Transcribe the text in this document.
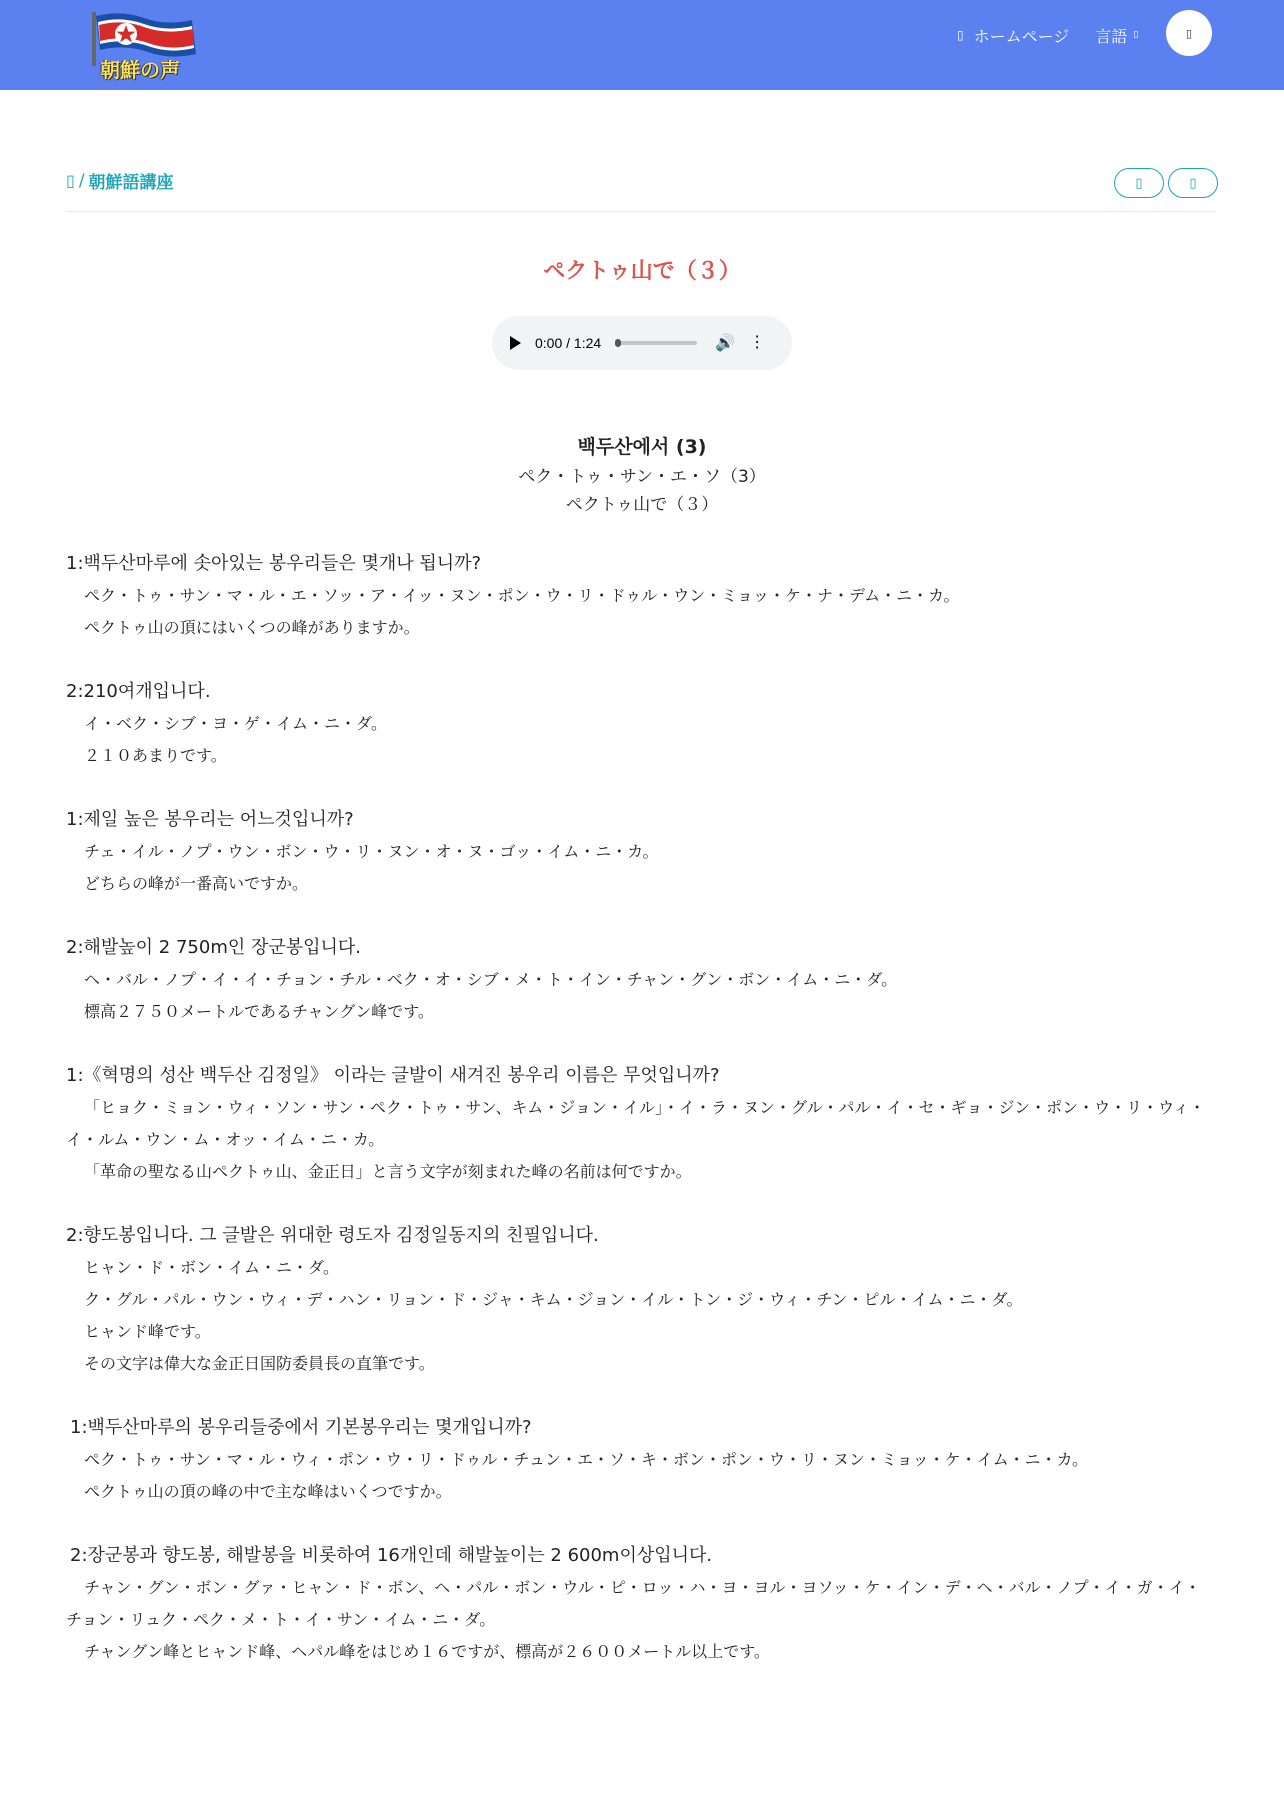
朝鮮の声
▯ ホームページ 言語 ▯	▯
▯ / 朝鮮語講座	▯	▯
ペクトゥ山で（３）
0:00 / 1:24	🔊 ⋮
백두산에서 (3)
ペク・トゥ・サン・エ・ソ（3）
ペクトゥ山で（３）
1:백두산마루에 솟아있는 봉우리들은 몇개나 됩니까?
ペク・トゥ・サン・マ・ル・エ・ソッ・ア・イッ・ヌン・ポン・ウ・リ・ドゥル・ウン・ミョッ・ケ・ナ・デム・ニ・カ。
ペクトゥ山の頂にはいくつの峰がありますか。
2:210여개입니다.
イ・ベク・シブ・ヨ・ゲ・イム・ニ・ダ。
２１０あまりです。
1:제일 높은 봉우리는 어느것입니까?
チェ・イル・ノプ・ウン・ボン・ウ・リ・ヌン・オ・ヌ・ゴッ・イム・ニ・カ。
どちらの峰が一番高いですか。
2:해발높이 2 750m인 장군봉입니다.
ヘ・バル・ノプ・イ・イ・チョン・チル・ベク・オ・シブ・メ・ト・イン・チャン・グン・ボン・イム・ニ・ダ。
標高２７５０メートルであるチャングン峰です。
1:《혁명의 성산 백두산 김정일》 이라는 글발이 새겨진 봉우리 이름은 무엇입니까?
「ヒョク・ミョン・ウィ・ソン・サン・ペク・トゥ・サン、キム・ジョン・イル」・イ・ラ・ヌン・グル・パル・イ・セ・ギョ・ジン・ポン・ウ・リ・ウィ・イ・ルム・ウン・ム・オッ・イム・ニ・カ。
「革命の聖なる山ペクトゥ山、金正日」と言う文字が刻まれた峰の名前は何ですか。
2:향도봉입니다. 그 글발은 위대한 령도자 김정일동지의 친필입니다.
ヒャン・ド・ボン・イム・ニ・ダ。
ク・グル・パル・ウン・ウィ・デ・ハン・リョン・ド・ジャ・キム・ジョン・イル・トン・ジ・ウィ・チン・ピル・イム・ニ・ダ。
ヒャンド峰です。
その文字は偉大な金正日国防委員長の直筆です。
1:백두산마루의 봉우리들중에서 기본봉우리는 몇개입니까?
ペク・トゥ・サン・マ・ル・ウィ・ポン・ウ・リ・ドゥル・チュン・エ・ソ・キ・ボン・ポン・ウ・リ・ヌン・ミョッ・ケ・イム・ニ・カ。
ペクトゥ山の頂の峰の中で主な峰はいくつですか。
2:장군봉과 향도봉, 해발봉을 비롯하여 16개인데 해발높이는 2 600m이상입니다.
チャン・グン・ボン・グァ・ヒャン・ド・ボン、ヘ・パル・ボン・ウル・ピ・ロッ・ハ・ヨ・ヨル・ヨソッ・ケ・イン・デ・ヘ・バル・ノプ・イ・ガ・イ・チョン・リュク・ペク・メ・ト・イ・サン・イム・ニ・ダ。
チャングン峰とヒャンド峰、ヘパル峰をはじめ１６ですが、標高が２６００メートル以上です。
